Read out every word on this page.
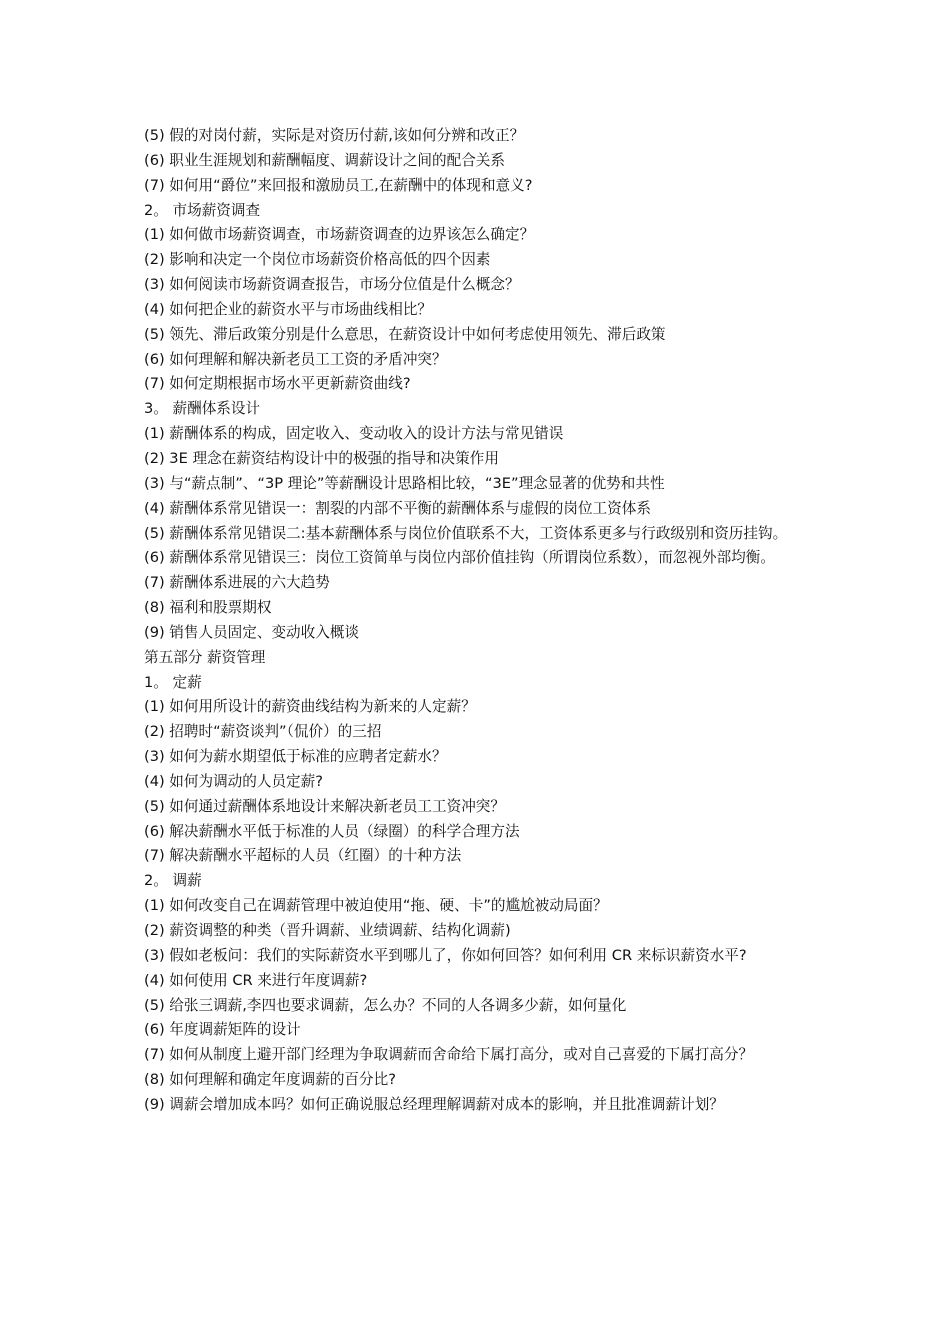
(5) 假的对岗付薪，实际是对资历付薪,该如何分辨和改正？

(6) 职业生涯规划和薪酬幅度、调薪设计之间的配合关系

(7) 如何用“爵位”来回报和激励员工,在薪酬中的体现和意义?

2。 市场薪资调查

(1) 如何做市场薪资调查，市场薪资调查的边界该怎么确定？

(2) 影响和决定一个岗位市场薪资价格高低的四个因素

(3) 如何阅读市场薪资调查报告，市场分位值是什么概念？

(4) 如何把企业的薪资水平与市场曲线相比？

(5) 领先、滞后政策分别是什么意思，在薪资设计中如何考虑使用领先、滞后政策

(6) 如何理解和解决新老员工工资的矛盾冲突？

(7) 如何定期根据市场水平更新薪资曲线?

3。 薪酬体系设计

(1) 薪酬体系的构成，固定收入、变动收入的设计方法与常见错误

(2) 3E 理念在薪资结构设计中的极强的指导和决策作用

(3) 与“薪点制”、“3P 理论”等薪酬设计思路相比较，“3E”理念显著的优势和共性

(4) 薪酬体系常见错误一：割裂的内部不平衡的薪酬体系与虚假的岗位工资体系

(5) 薪酬体系常见错误二:基本薪酬体系与岗位价值联系不大，工资体系更多与行政级别和资历挂钩。

(6) 薪酬体系常见错误三：岗位工资简单与岗位内部价值挂钩（所谓岗位系数），而忽视外部均衡。

(7) 薪酬体系进展的六大趋势

(8) 福利和股票期权

(9) 销售人员固定、变动收入概谈

第五部分 薪资管理

1。 定薪

(1) 如何用所设计的薪资曲线结构为新来的人定薪？

(2) 招聘时“薪资谈判”（侃价）的三招

(3) 如何为薪水期望低于标准的应聘者定薪水？

(4) 如何为调动的人员定薪?

(5) 如何通过薪酬体系地设计来解决新老员工工资冲突？

(6) 解决薪酬水平低于标准的人员（绿圈）的科学合理方法

(7) 解决薪酬水平超标的人员（红圈）的十种方法

2。 调薪

(1) 如何改变自己在调薪管理中被迫使用“拖、硬、卡”的尴尬被动局面？

(2) 薪资调整的种类（晋升调薪、业绩调薪、结构化调薪)

(3) 假如老板问：我们的实际薪资水平到哪儿了，你如何回答？如何利用 CR 来标识薪资水平?

(4) 如何使用 CR 来进行年度调薪?

(5) 给张三调薪,李四也要求调薪，怎么办？不同的人各调多少薪，如何量化

(6) 年度调薪矩阵的设计

(7) 如何从制度上避开部门经理为争取调薪而舍命给下属打高分，或对自己喜爱的下属打高分？

(8) 如何理解和确定年度调薪的百分比?

(9) 调薪会增加成本吗？如何正确说服总经理理解调薪对成本的影响，并且批准调薪计划？
